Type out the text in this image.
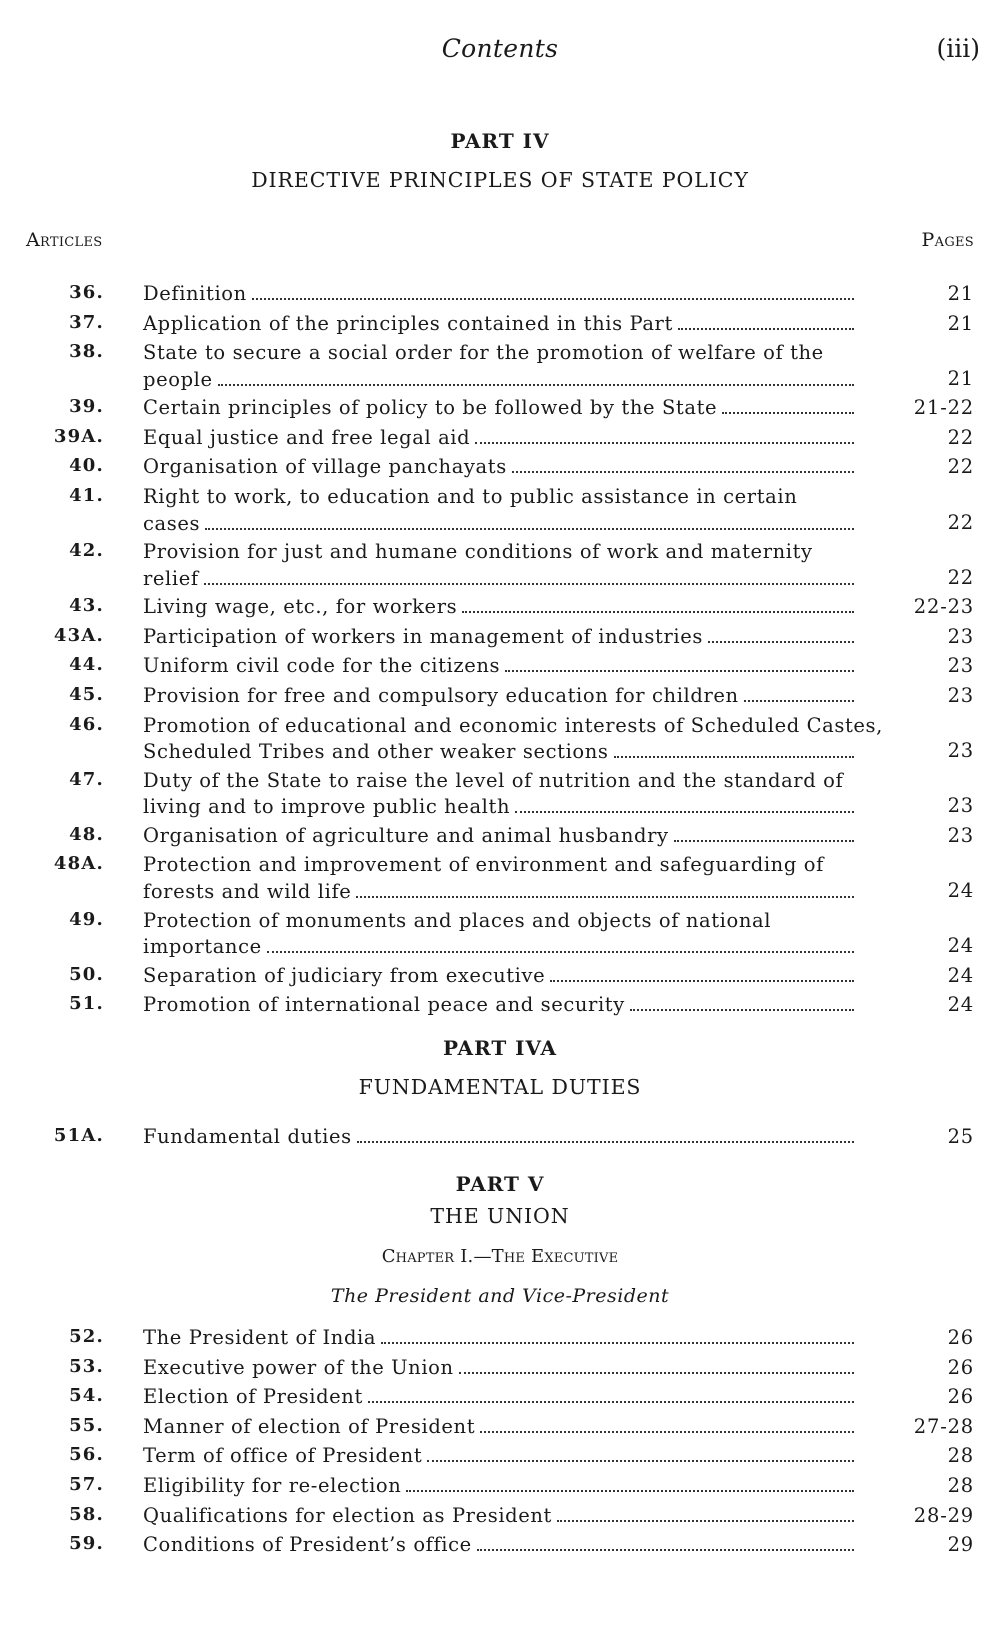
Contents	(iii)
PART IV
DIRECTIVE PRINCIPLES OF STATE POLICY
Articles	Pages
36. Definition	21
37. Application of the principles contained in this Part	21
38. State to secure a social order for the promotion of welfare of the
people	21
39. Certain principles of policy to be followed by the State	21-22
39A. Equal justice and free legal aid	22
40. Organisation of village panchayats	22
41. Right to work, to education and to public assistance in certain
cases	22
42. Provision for just and humane conditions of work and maternity
relief	22
43. Living wage, etc., for workers	22-23
43A. Participation of workers in management of industries	23
44. Uniform civil code for the citizens	23
45. Provision for free and compulsory education for children	23
46. Promotion of educational and economic interests of Scheduled Castes,
Scheduled Tribes and other weaker sections	23
47. Duty of the State to raise the level of nutrition and the standard of
living and to improve public health	23
48. Organisation of agriculture and animal husbandry	23
48A. Protection and improvement of environment and safeguarding of
forests and wild life	24
49. Protection of monuments and places and objects of national
importance	24
50. Separation of judiciary from executive	24
51. Promotion of international peace and security	24
PART IVA
FUNDAMENTAL DUTIES
51A. Fundamental duties	25
PART V
THE UNION
Chapter I.—The Executive
The President and Vice-President
52. The President of India	26
53. Executive power of the Union	26
54. Election of President	26
55. Manner of election of President	27-28
56. Term of office of President	28
57. Eligibility for re-election	28
58. Qualifications for election as President	28-29
59. Conditions of President’s office	29
